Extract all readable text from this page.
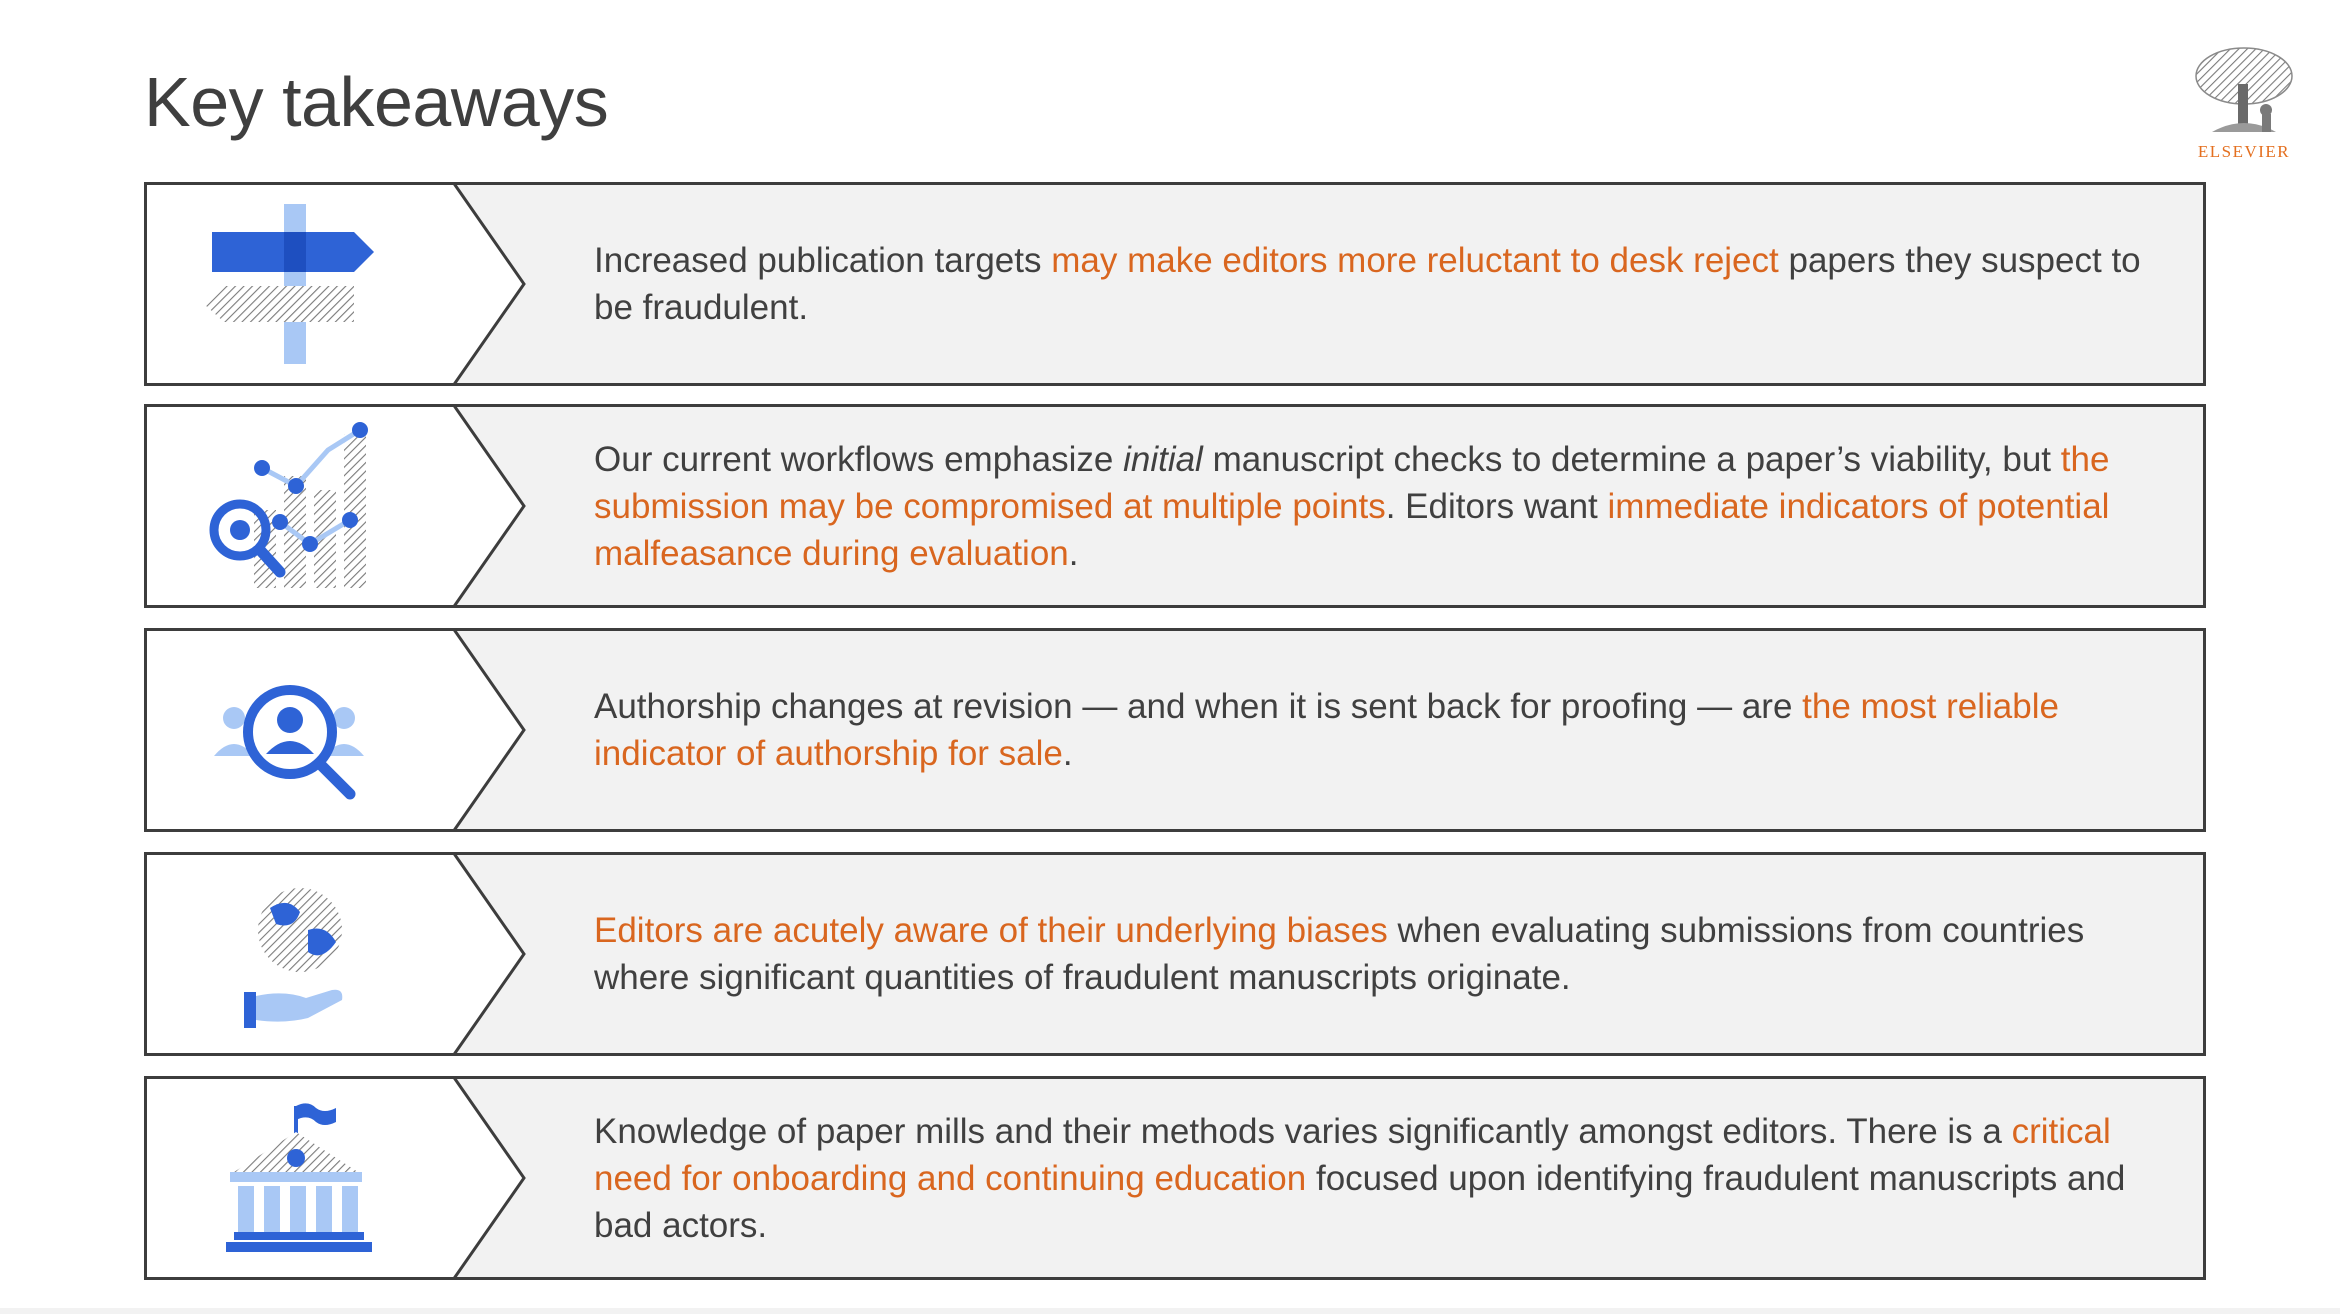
Key takeaways
ELSEVIER

Increased publication targets may make editors more reluctant to desk reject papers they suspect to be fraudulent.

Our current workflows emphasize initial manuscript checks to determine a paper’s viability, but the submission may be compromised at multiple points. Editors want immediate indicators of potential malfeasance during evaluation.

Authorship changes at revision — and when it is sent back for proofing — are the most reliable indicator of authorship for sale.

Editors are acutely aware of their underlying biases when evaluating submissions from countries where significant quantities of fraudulent manuscripts originate.

Knowledge of paper mills and their methods varies significantly amongst editors. There is a critical need for onboarding and continuing education focused upon identifying fraudulent manuscripts and bad actors.
